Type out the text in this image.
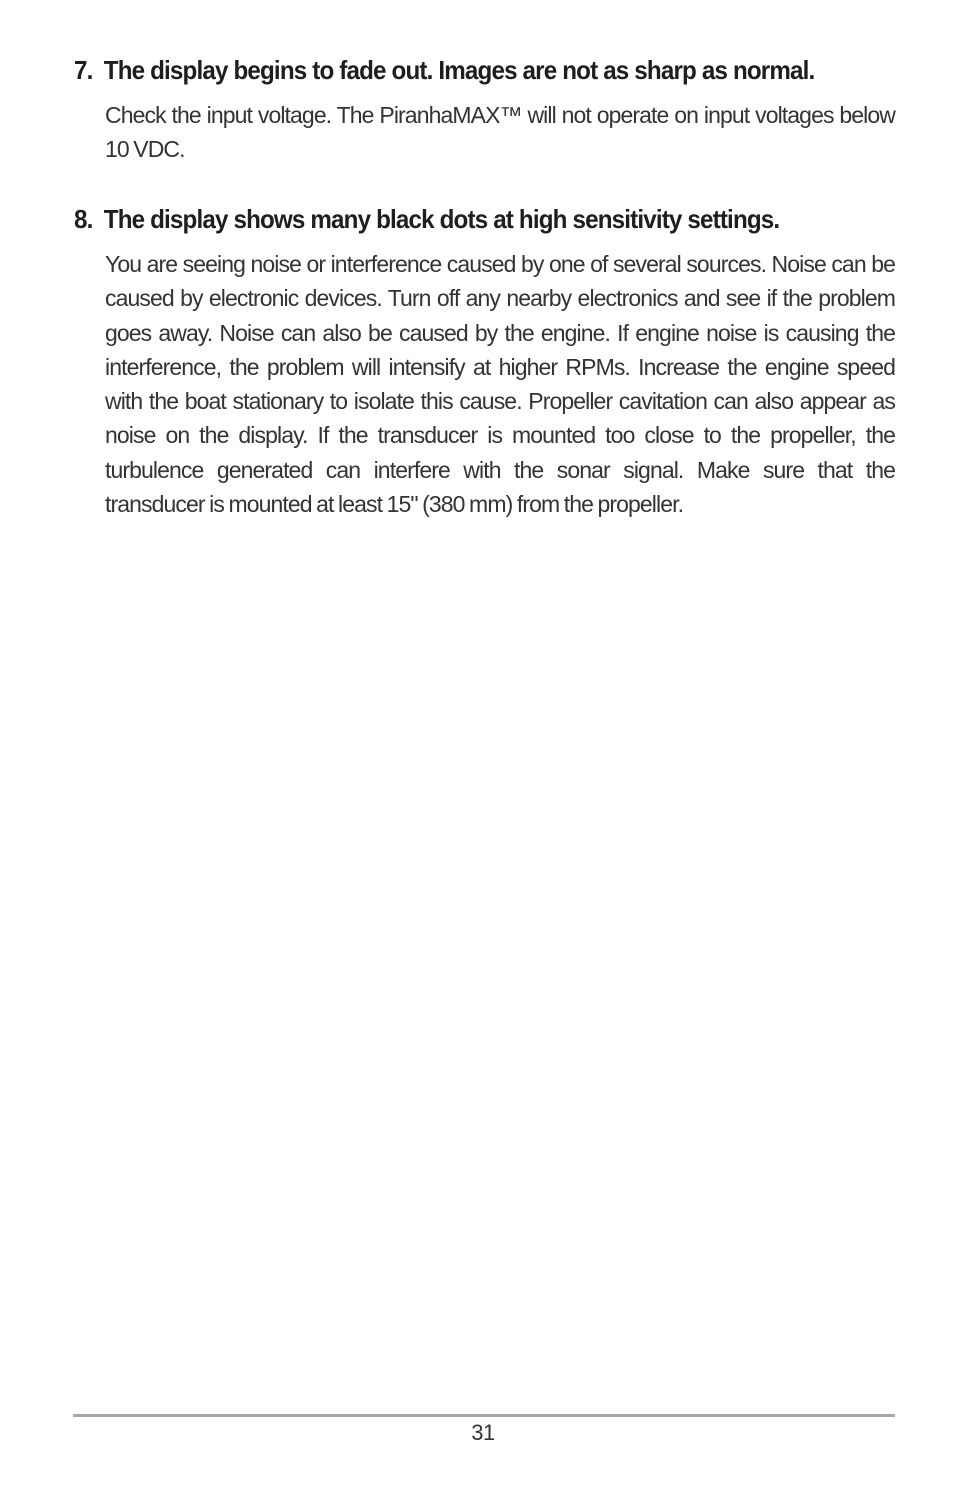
7. The display begins to fade out. Images are not as sharp as normal.
Check the input voltage. The PiranhaMAX™ will not operate on input voltages below 10 VDC.
8. The display shows many black dots at high sensitivity settings.
You are seeing noise or interference caused by one of several sources. Noise can be caused by electronic devices. Turn off any nearby electronics and see if the problem goes away. Noise can also be caused by the engine. If engine noise is causing the interference, the problem will intensify at higher RPMs. Increase the engine speed with the boat stationary to isolate this cause. Propeller cavitation can also appear as noise on the display. If the transducer is mounted too close to the propeller, the turbulence generated can interfere with the sonar signal. Make sure that the transducer is mounted at least 15" (380 mm) from the propeller.
31
